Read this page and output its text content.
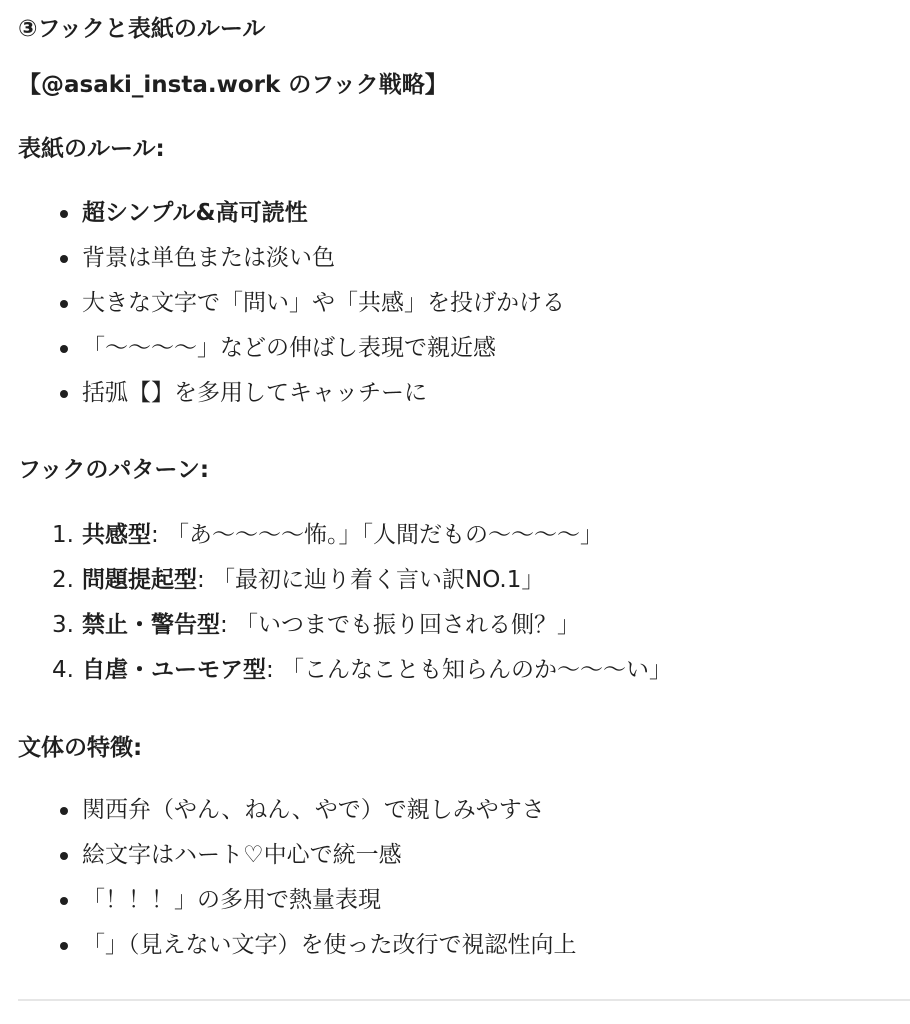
③フックと表紙のルール
【@asaki_insta.work のフック戦略】
表紙のルール:
超シンプル&高可読性
背景は単色または淡い色
大きな文字で「問い」や「共感」を投げかける
「〜〜〜〜」などの伸ばし表現で親近感
括弧【】を多用してキャッチーに
フックのパターン:
1. 共感型: 「あ〜〜〜〜怖。」「人間だもの〜〜〜〜」
2. 問題提起型: 「最初に辿り着く言い訳NO.1」
3. 禁止・警告型: 「いつまでも振り回される側？」
4. 自虐・ユーモア型: 「こんなことも知らんのか〜〜〜い」
文体の特徴:
関西弁（やん、ねん、やで）で親しみやすさ
絵文字はハート♡中心で統一感
「！！！」の多用で熱量表現
「」（見えない文字）を使った改行で視認性向上
